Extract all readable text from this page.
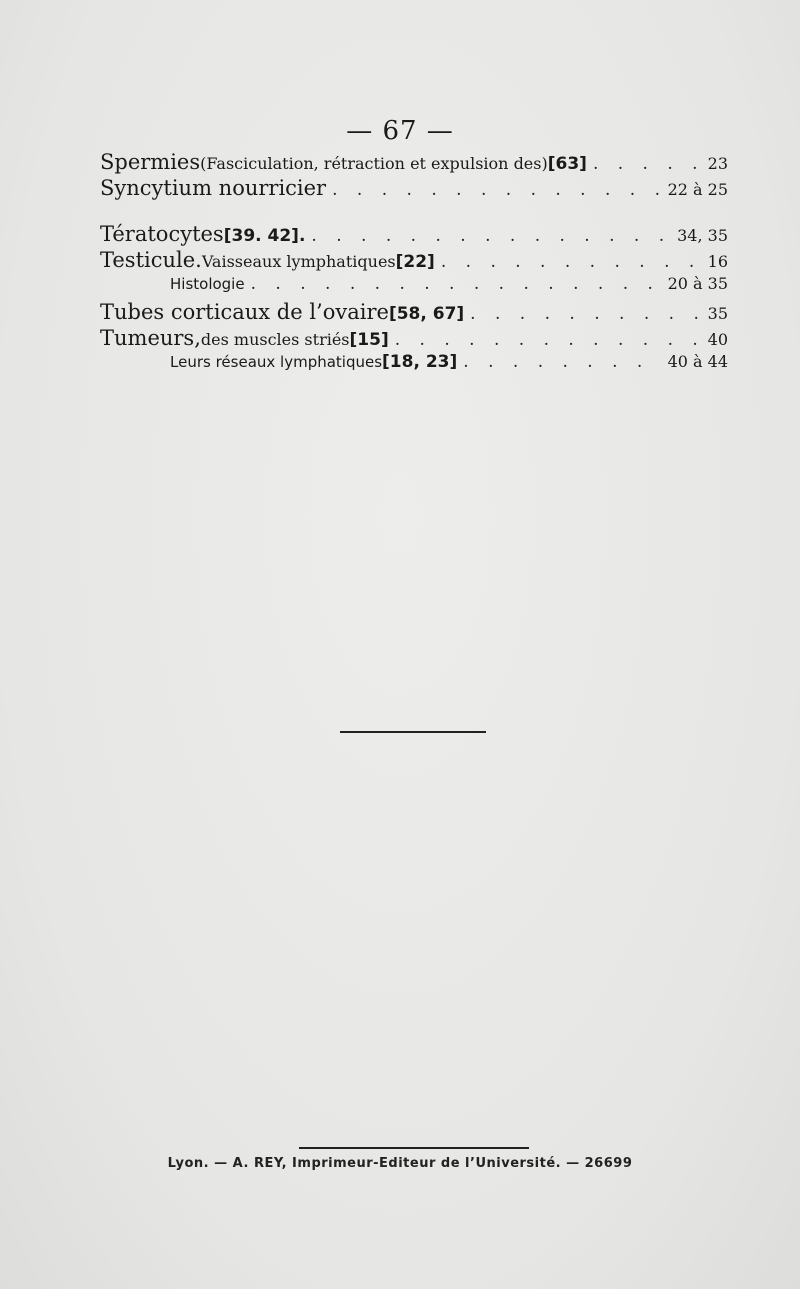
— 67 —
Spermies (Fasciculation, rétraction et expulsion des) [63] . . .	23
Syncytium nourricier . . .	22 à 25
Tératocytes [39. 42]. . . .	34, 35
Testicule. Vaisseaux lymphatiques [22] . . .	16
Histologie . . .	20 à 35
Tubes corticaux de l’ovaire [58, 67] . . .	35
Tumeurs, des muscles striés [15] . . .	40
Leurs réseaux lymphatiques [18, 23] . . .	40 à 44
Lyon. — A. REY, Imprimeur-Editeur de l’Université. — 26699
